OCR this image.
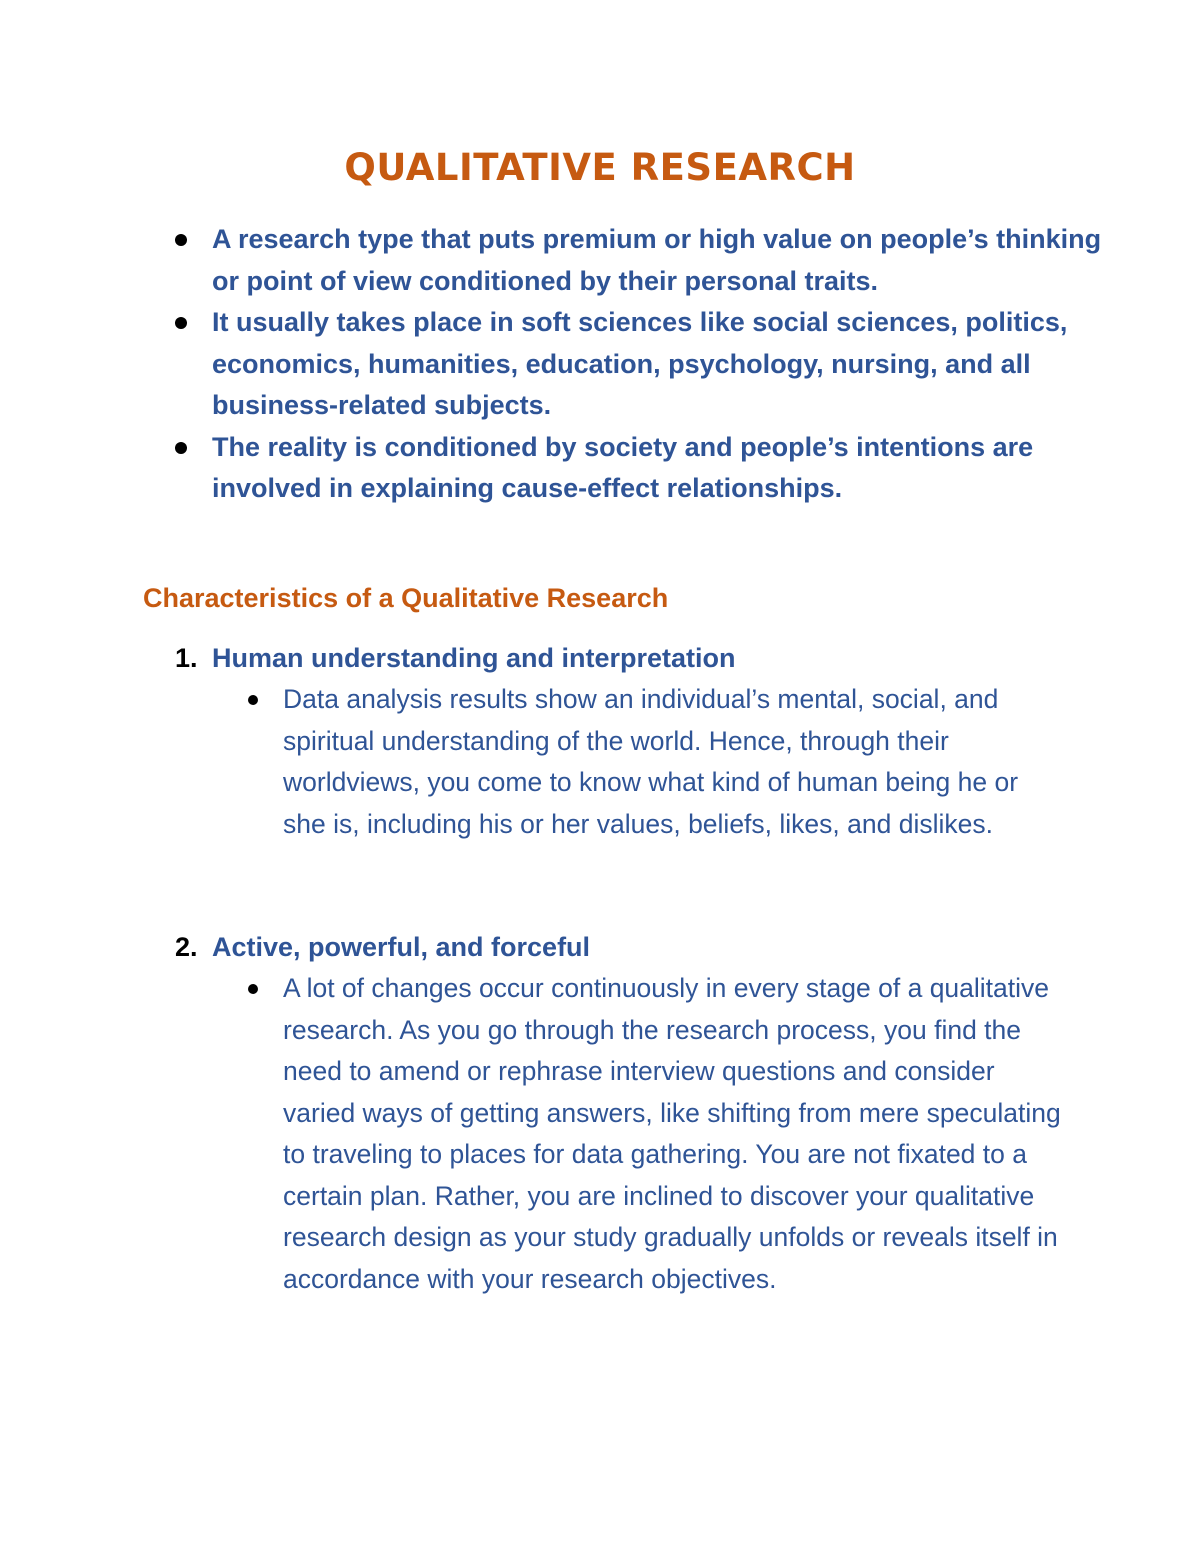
QUALITATIVE RESEARCH
A research type that puts premium or high value on people’s thinking or point of view conditioned by their personal traits.
It usually takes place in soft sciences like social sciences, politics, economics, humanities, education, psychology, nursing, and all business-related subjects.
The reality is conditioned by society and people’s intentions are involved in explaining cause-effect relationships.
Characteristics of a Qualitative Research
1. Human understanding and interpretation
Data analysis results show an individual’s mental, social, and spiritual understanding of the world. Hence, through their worldviews, you come to know what kind of human being he or she is, including his or her values, beliefs, likes, and dislikes.
2. Active, powerful, and forceful
A lot of changes occur continuously in every stage of a qualitative research. As you go through the research process, you find the need to amend or rephrase interview questions and consider varied ways of getting answers, like shifting from mere speculating to traveling to places for data gathering. You are not fixated to a certain plan. Rather, you are inclined to discover your qualitative research design as your study gradually unfolds or reveals itself in accordance with your research objectives.
